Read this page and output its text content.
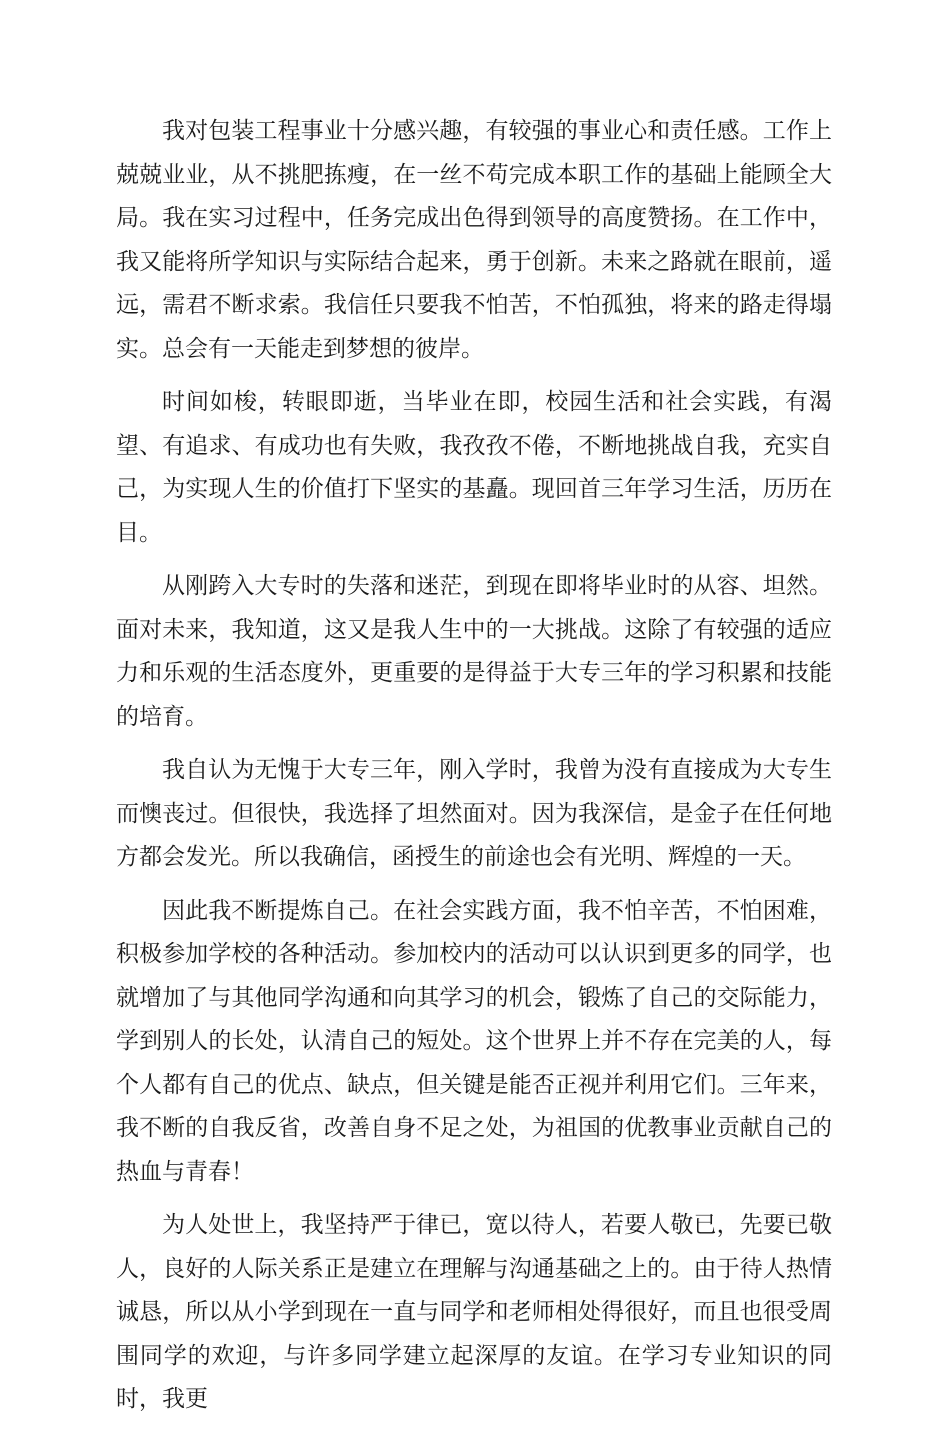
我对包装工程事业十分感兴趣，有较强的事业心和责任感。工作上兢兢业业，从不挑肥拣瘦，在一丝不苟完成本职工作的基础上能顾全大局。我在实习过程中，任务完成出色得到领导的高度赞扬。在工作中，我又能将所学知识与实际结合起来，勇于创新。未来之路就在眼前，遥远，需君不断求索。我信任只要我不怕苦，不怕孤独，将来的路走得塌实。总会有一天能走到梦想的彼岸。

时间如梭，转眼即逝，当毕业在即，校园生活和社会实践，有渴望、有追求、有成功也有失败，我孜孜不倦，不断地挑战自我，充实自己，为实现人生的价值打下坚实的基矗。现回首三年学习生活，历历在目。

从刚跨入大专时的失落和迷茫，到现在即将毕业时的从容、坦然。面对未来，我知道，这又是我人生中的一大挑战。这除了有较强的适应力和乐观的生活态度外，更重要的是得益于大专三年的学习积累和技能的培育。

我自认为无愧于大专三年，刚入学时，我曾为没有直接成为大专生而懊丧过。但很快，我选择了坦然面对。因为我深信，是金子在任何地方都会发光。所以我确信，函授生的前途也会有光明、辉煌的一天。

因此我不断提炼自己。在社会实践方面，我不怕辛苦，不怕困难，积极参加学校的各种活动。参加校内的活动可以认识到更多的同学，也就增加了与其他同学沟通和向其学习的机会，锻炼了自己的交际能力，学到别人的长处，认清自己的短处。这个世界上并不存在完美的人，每个人都有自己的优点、缺点，但关键是能否正视并利用它们。三年来，我不断的自我反省，改善自身不足之处，为祖国的优教事业贡献自己的热血与青春！

为人处世上，我坚持严于律已，宽以待人，若要人敬已，先要已敬人，良好的人际关系正是建立在理解与沟通基础之上的。由于待人热情诚恳，所以从小学到现在一直与同学和老师相处得很好，而且也很受周围同学的欢迎，与许多同学建立起深厚的友谊。在学习专业知识的同时，我更
